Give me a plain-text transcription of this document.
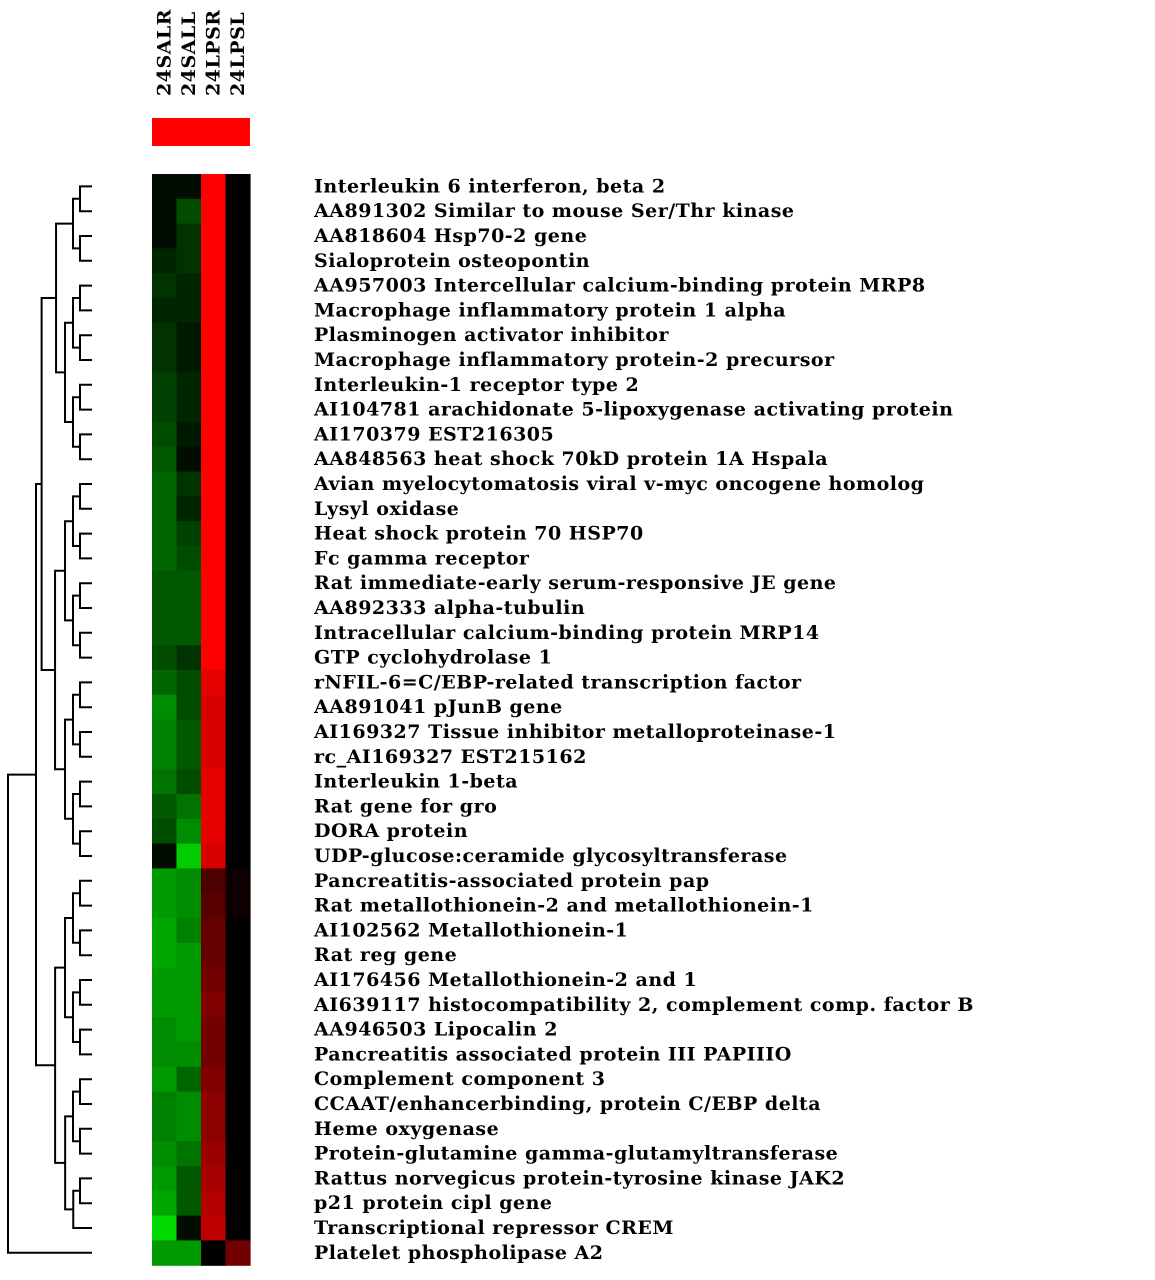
24SALR 24SALL 24LPSR 24LPSL
Interleukin 6 interferon, beta 2
AA891302 Similar to mouse Ser/Thr kinase
AA818604 Hsp70-2 gene
Sialoprotein osteopontin
AA957003 Intercellular calcium-binding protein MRP8
Macrophage inflammatory protein 1 alpha
Plasminogen activator inhibitor
Macrophage inflammatory protein-2 precursor
Interleukin-1 receptor type 2
AI104781 arachidonate 5-lipoxygenase activating protein
AI170379 EST216305
AA848563 heat shock 70kD protein 1A Hspala
Avian myelocytomatosis viral v-myc oncogene homolog
Lysyl oxidase
Heat shock protein 70 HSP70
Fc gamma receptor
Rat immediate-early serum-responsive JE gene
AA892333 alpha-tubulin
Intracellular calcium-binding protein MRP14
GTP cyclohydrolase 1
rNFIL-6=C/EBP-related transcription factor
AA891041 pJunB gene
AI169327 Tissue inhibitor metalloproteinase-1
rc_AI169327 EST215162
Interleukin 1-beta
Rat gene for gro
DORA protein
UDP-glucose:ceramide glycosyltransferase
Pancreatitis-associated protein pap
Rat metallothionein-2 and metallothionein-1
AI102562 Metallothionein-1
Rat reg gene
AI176456 Metallothionein-2 and 1
AI639117 histocompatibility 2, complement comp. factor B
AA946503 Lipocalin 2
Pancreatitis associated protein III PAPIIIO
Complement component 3
CCAAT/enhancerbinding, protein C/EBP delta
Heme oxygenase
Protein-glutamine gamma-glutamyltransferase
Rattus norvegicus protein-tyrosine kinase JAK2
p21 protein cipl gene
Transcriptional repressor CREM
Platelet phospholipase A2
